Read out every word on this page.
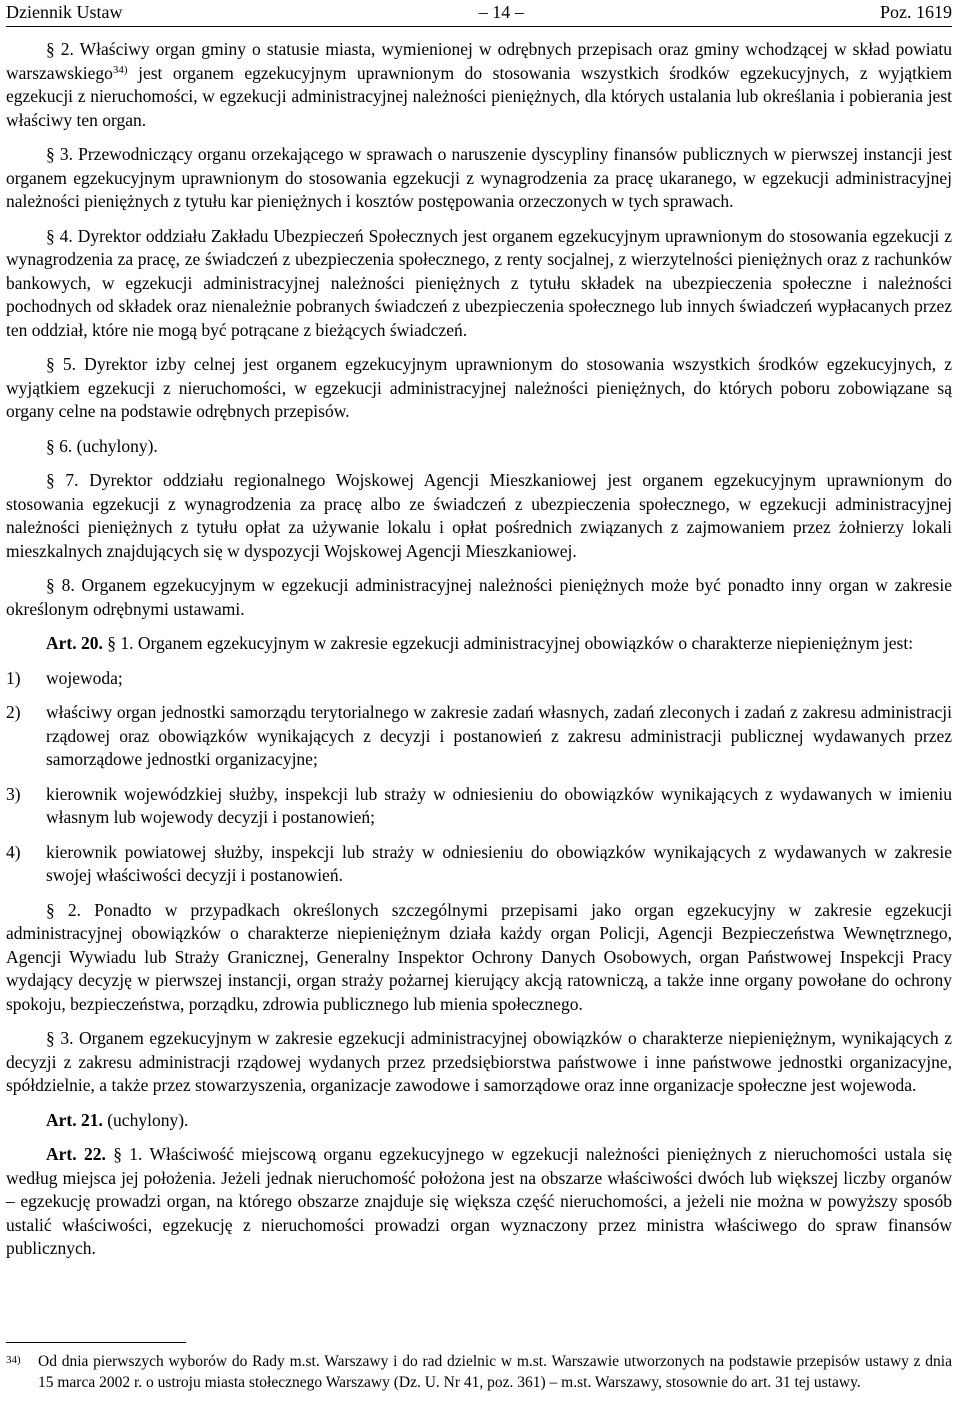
Dziennik Ustaw	– 14 –	Poz. 1619

§ 2. Właściwy organ gminy o statusie miasta, wymienionej w odrębnych przepisach oraz gminy wchodzącej w skład powiatu warszawskiego$^{34)}$ jest organem egzekucyjnym uprawnionym do stosowania wszystkich środków egzekucyjnych, z wyjątkiem egzekucji z nieruchomości, w egzekucji administracyjnej należności pieniężnych, dla których ustalania lub określania i pobierania jest właściwy ten organ.

§ 3. Przewodniczący organu orzekającego w sprawach o naruszenie dyscypliny finansów publicznych w pierwszej instancji jest organem egzekucyjnym uprawnionym do stosowania egzekucji z wynagrodzenia za pracę ukaranego, w egzekucji administracyjnej należności pieniężnych z tytułu kar pieniężnych i kosztów postępowania orzeczonych w tych sprawach.

§ 4. Dyrektor oddziału Zakładu Ubezpieczeń Społecznych jest organem egzekucyjnym uprawnionym do stosowania egzekucji z wynagrodzenia za pracę, ze świadczeń z ubezpieczenia społecznego, z renty socjalnej, z wierzytelności pieniężnych oraz z rachunków bankowych, w egzekucji administracyjnej należności pieniężnych z tytułu składek na ubezpieczenia społeczne i należności pochodnych od składek oraz nienależnie pobranych świadczeń z ubezpieczenia społecznego lub innych świadczeń wypłacanych przez ten oddział, które nie mogą być potrącane z bieżących świadczeń.

§ 5. Dyrektor izby celnej jest organem egzekucyjnym uprawnionym do stosowania wszystkich środków egzekucyjnych, z wyjątkiem egzekucji z nieruchomości, w egzekucji administracyjnej należności pieniężnych, do których poboru zobowiązane są organy celne na podstawie odrębnych przepisów.

§ 6. (uchylony).

§ 7. Dyrektor oddziału regionalnego Wojskowej Agencji Mieszkaniowej jest organem egzekucyjnym uprawnionym do stosowania egzekucji z wynagrodzenia za pracę albo ze świadczeń z ubezpieczenia społecznego, w egzekucji administracyjnej należności pieniężnych z tytułu opłat za używanie lokalu i opłat pośrednich związanych z zajmowaniem przez żołnierzy lokali mieszkalnych znajdujących się w dyspozycji Wojskowej Agencji Mieszkaniowej.

§ 8. Organem egzekucyjnym w egzekucji administracyjnej należności pieniężnych może być ponadto inny organ w zakresie określonym odrębnymi ustawami.

Art. 20. § 1. Organem egzekucyjnym w zakresie egzekucji administracyjnej obowiązków o charakterze niepieniężnym jest:

1)	wojewoda;
2)	właściwy organ jednostki samorządu terytorialnego w zakresie zadań własnych, zadań zleconych i zadań z zakresu administracji rządowej oraz obowiązków wynikających z decyzji i postanowień z zakresu administracji publicznej wydawanych przez samorządowe jednostki organizacyjne;
3)	kierownik wojewódzkiej służby, inspekcji lub straży w odniesieniu do obowiązków wynikających z wydawanych w imieniu własnym lub wojewody decyzji i postanowień;
4)	kierownik powiatowej służby, inspekcji lub straży w odniesieniu do obowiązków wynikających z wydawanych w zakresie swojej właściwości decyzji i postanowień.

§ 2. Ponadto w przypadkach określonych szczególnymi przepisami jako organ egzekucyjny w zakresie egzekucji administracyjnej obowiązków o charakterze niepieniężnym działa każdy organ Policji, Agencji Bezpieczeństwa Wewnętrznego, Agencji Wywiadu lub Straży Granicznej, Generalny Inspektor Ochrony Danych Osobowych, organ Państwowej Inspekcji Pracy wydający decyzję w pierwszej instancji, organ straży pożarnej kierujący akcją ratowniczą, a także inne organy powołane do ochrony spokoju, bezpieczeństwa, porządku, zdrowia publicznego lub mienia społecznego.

§ 3. Organem egzekucyjnym w zakresie egzekucji administracyjnej obowiązków o charakterze niepieniężnym, wynikających z decyzji z zakresu administracji rządowej wydanych przez przedsiębiorstwa państwowe i inne państwowe jednostki organizacyjne, spółdzielnie, a także przez stowarzyszenia, organizacje zawodowe i samorządowe oraz inne organizacje społeczne jest wojewoda.

Art. 21. (uchylony).

Art. 22. § 1. Właściwość miejscową organu egzekucyjnego w egzekucji należności pieniężnych z nieruchomości ustala się według miejsca jej położenia. Jeżeli jednak nieruchomość położona jest na obszarze właściwości dwóch lub większej liczby organów – egzekucję prowadzi organ, na którego obszarze znajduje się większa część nieruchomości, a jeżeli nie można w powyższy sposób ustalić właściwości, egzekucję z nieruchomości prowadzi organ wyznaczony przez ministra właściwego do spraw finansów publicznych.

34)	Od dnia pierwszych wyborów do Rady m.st. Warszawy i do rad dzielnic w m.st. Warszawie utworzonych na podstawie przepisów ustawy z dnia 15 marca 2002 r. o ustroju miasta stołecznego Warszawy (Dz. U. Nr 41, poz. 361) – m.st. Warszawy, stosownie do art. 31 tej ustawy.
